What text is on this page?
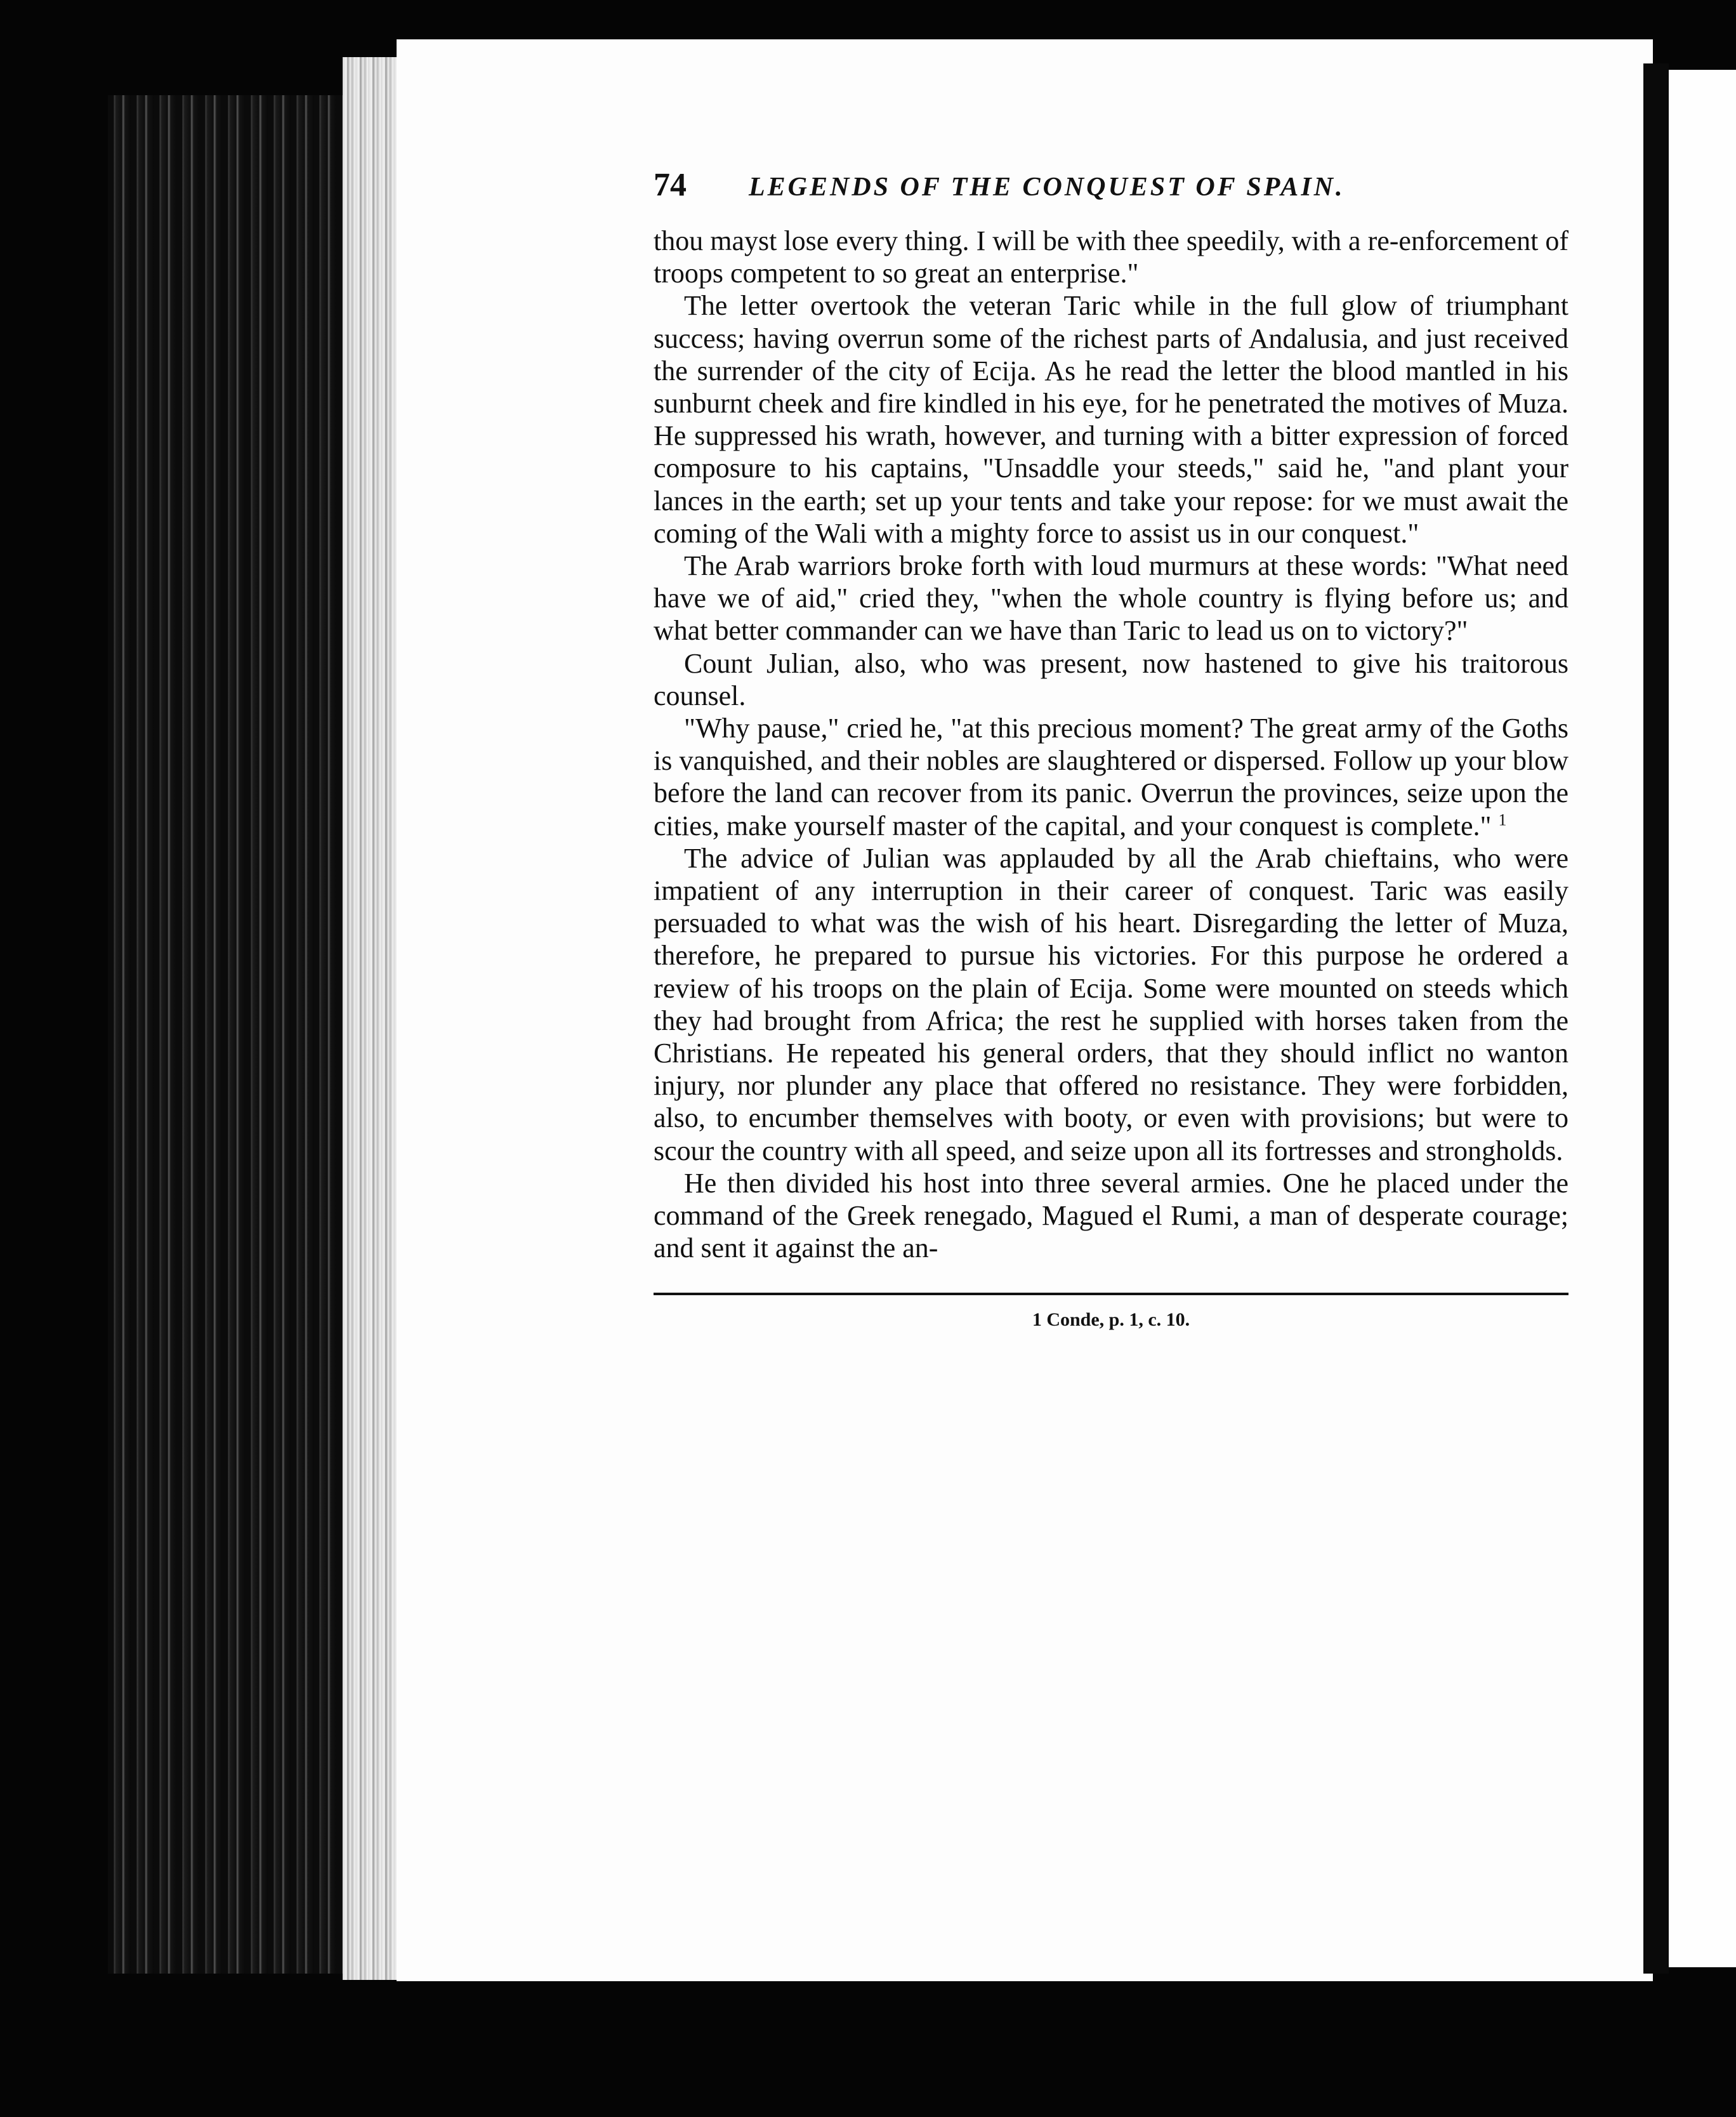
74	LEGENDS OF THE CONQUEST OF SPAIN.

thou mayst lose every thing. I will be with thee speedily, with a re-enforcement of troops competent to so great an enterprise."

The letter overtook the veteran Taric while in the full glow of triumphant success; having overrun some of the richest parts of Andalusia, and just received the surrender of the city of Ecija. As he read the letter the blood mantled in his sunburnt cheek and fire kindled in his eye, for he penetrated the motives of Muza. He suppressed his wrath, however, and turning with a bitter expression of forced composure to his captains, "Unsaddle your steeds," said he, "and plant your lances in the earth; set up your tents and take your repose: for we must await the coming of the Wali with a mighty force to assist us in our conquest."

The Arab warriors broke forth with loud murmurs at these words: "What need have we of aid," cried they, "when the whole country is flying before us; and what better commander can we have than Taric to lead us on to victory?"

Count Julian, also, who was present, now hastened to give his traitorous counsel.

"Why pause," cried he, "at this precious moment? The great army of the Goths is vanquished, and their nobles are slaughtered or dispersed. Follow up your blow before the land can recover from its panic. Overrun the provinces, seize upon the cities, make yourself master of the capital, and your conquest is complete." $^1$

The advice of Julian was applauded by all the Arab chieftains, who were impatient of any interruption in their career of conquest. Taric was easily persuaded to what was the wish of his heart. Disregarding the letter of Muza, therefore, he prepared to pursue his victories. For this purpose he ordered a review of his troops on the plain of Ecija. Some were mounted on steeds which they had brought from Africa; the rest he supplied with horses taken from the Christians. He repeated his general orders, that they should inflict no wanton injury, nor plunder any place that offered no resistance. They were forbidden, also, to encumber themselves with booty, or even with provisions; but were to scour the country with all speed, and seize upon all its fortresses and strongholds.

He then divided his host into three several armies. One he placed under the command of the Greek renegado, Magued el Rumi, a man of desperate courage; and sent it against the an-

1 Conde, p. 1, c. 10.
